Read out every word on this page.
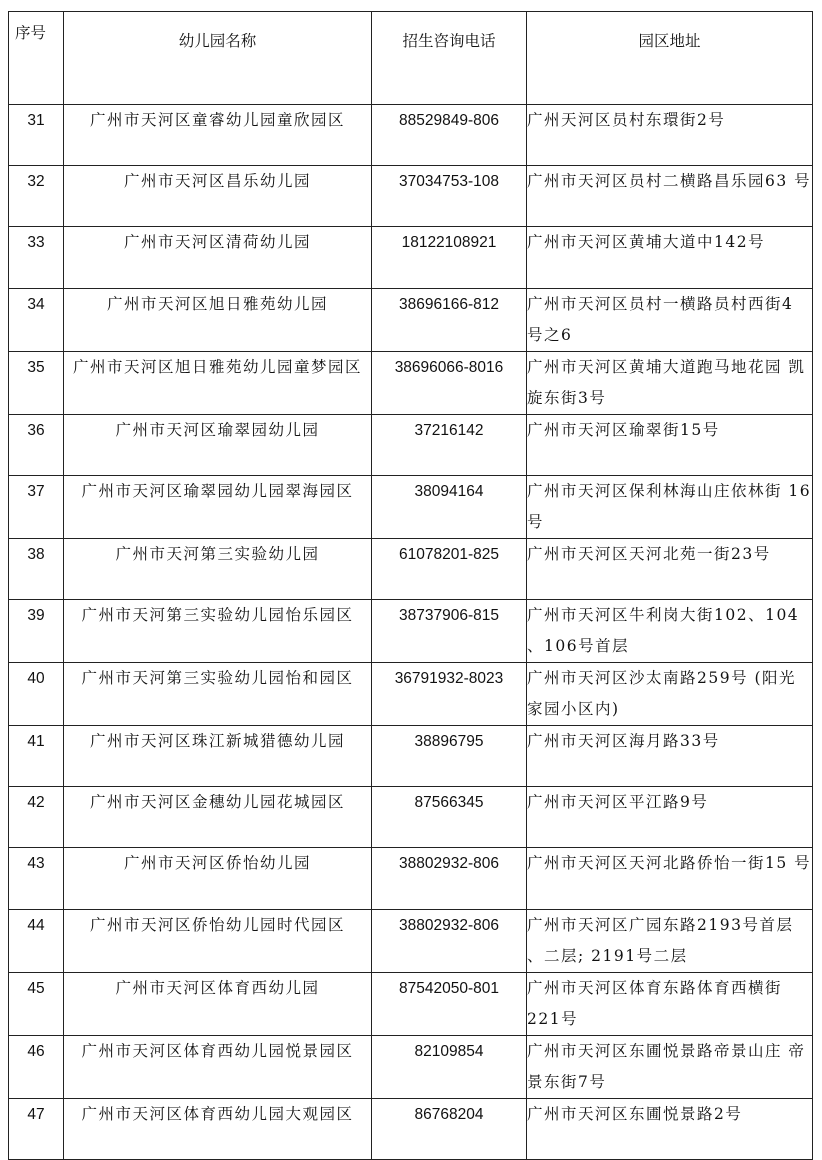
序号	幼儿园名称	招生咨询电话	园区地址
31	广州市天河区童睿幼儿园童欣园区	88529849-806	广州天河区员村东環街2号
32	广州市天河区昌乐幼儿园	37034753-108	广州市天河区员村二横路昌乐园63 号
33	广州市天河区清荷幼儿园	18122108921	广州市天河区黄埔大道中142号
34	广州市天河区旭日雅苑幼儿园	38696166-812	广州市天河区员村一横路员村西街4 号之6
35	广州市天河区旭日雅苑幼儿园童梦园区	38696066-8016	广州市天河区黄埔大道跑马地花园 凯旋东街3号
36	广州市天河区瑜翠园幼儿园	37216142	广州市天河区瑜翠街15号
37	广州市天河区瑜翠园幼儿园翠海园区	38094164	广州市天河区保利林海山庄依林街 16号
38	广州市天河第三实验幼儿园	61078201-825	广州市天河区天河北苑一街23号
39	广州市天河第三实验幼儿园怡乐园区	38737906-815	广州市天河区牛利岗大街102、104 、106号首层
40	广州市天河第三实验幼儿园怡和园区	36791932-8023	广州市天河区沙太南路259号 (阳光 家园小区内)
41	广州市天河区珠江新城猎德幼儿园	38896795	广州市天河区海月路33号
42	广州市天河区金穗幼儿园花城园区	87566345	广州市天河区平江路9号
43	广州市天河区侨怡幼儿园	38802932-806	广州市天河区天河北路侨怡一街15 号
44	广州市天河区侨怡幼儿园时代园区	38802932-806	广州市天河区广园东路2193号首层 、二层; 2191号二层
45	广州市天河区体育西幼儿园	87542050-801	广州市天河区体育东路体育西横街 221号
46	广州市天河区体育西幼儿园悦景园区	82109854	广州市天河区东圃悦景路帝景山庄 帝景东街7号
47	广州市天河区体育西幼儿园大观园区	86768204	广州市天河区东圃悦景路2号
